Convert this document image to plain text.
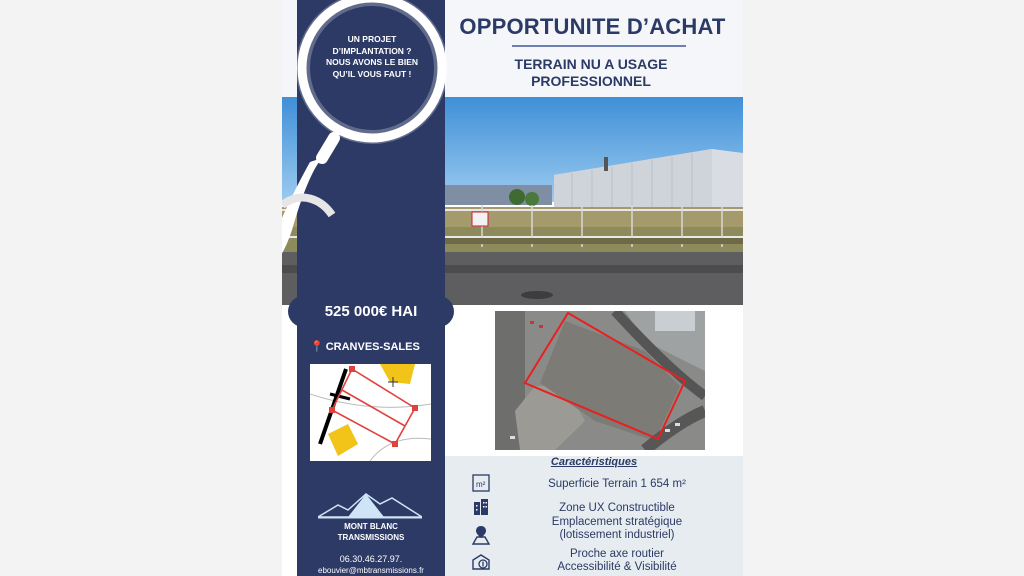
OPPORTUNITE D’ACHAT
TERRAIN NU A USAGE PROFESSIONNEL
UN PROJET
D’IMPLANTATION ?
NOUS AVONS LE BIEN
QU’IL VOUS FAUT !
525 000€ HAI
📍 CRANVES-SALES
Caractéristiques
m²	Superficie Terrain 1 654 m²
Zone UX Constructible
Emplacement stratégique
(lotissement industriel)
Proche axe routier
Accessibilité & Visibilité
MONT BLANC
TRANSMISSIONS
06.30.46.27.97.
ebouvier@mbtransmissions.fr
